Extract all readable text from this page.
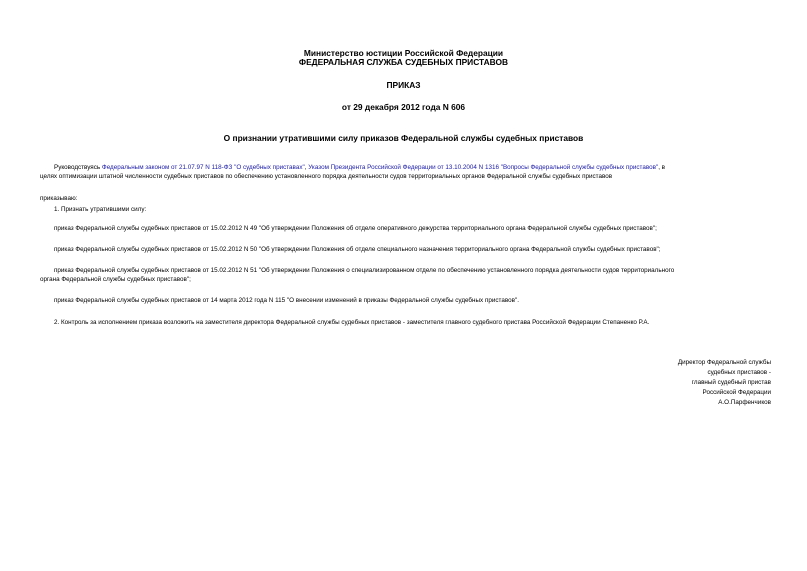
Министерство юстиции Российской Федерации
ФЕДЕРАЛЬНАЯ СЛУЖБА СУДЕБНЫХ ПРИСТАВОВ
ПРИКАЗ
от 29 декабря 2012 года N 606
О признании утратившими силу приказов Федеральной службы судебных приставов
Руководствуясь Федеральным законом от 21.07.97 N 118-ФЗ "О судебных приставах", Указом Президента Российской Федерации от 13.10.2004 N 1316 "Вопросы Федеральной службы судебных приставов", в
целях оптимизации штатной численности судебных приставов по обеспечению установленного порядка деятельности судов территориальных органов Федеральной службы судебных приставов
приказываю:
1. Признать утратившими силу:
приказ Федеральной службы судебных приставов от 15.02.2012 N 49 "Об утверждении Положения об отделе оперативного дежурства территориального органа Федеральной службы судебных приставов";
приказ Федеральной службы судебных приставов от 15.02.2012 N 50 "Об утверждении Положения об отделе специального назначения территориального органа Федеральной службы судебных приставов";
приказ Федеральной службы судебных приставов от 15.02.2012 N 51 "Об утверждении Положения о специализированном отделе по обеспечению установленного порядка деятельности судов территориального
органа Федеральной службы судебных приставов";
приказ Федеральной службы судебных приставов от 14 марта 2012 года N 115 "О внесении изменений в приказы Федеральной службы судебных приставов".
2. Контроль за исполнением приказа возложить на заместителя директора Федеральной службы судебных приставов - заместителя главного судебного пристава Российской Федерации Степаненко Р.А.
Директор Федеральной службы
судебных приставов -
главный судебный пристав
Российской Федерации
А.О.Парфенчиков
